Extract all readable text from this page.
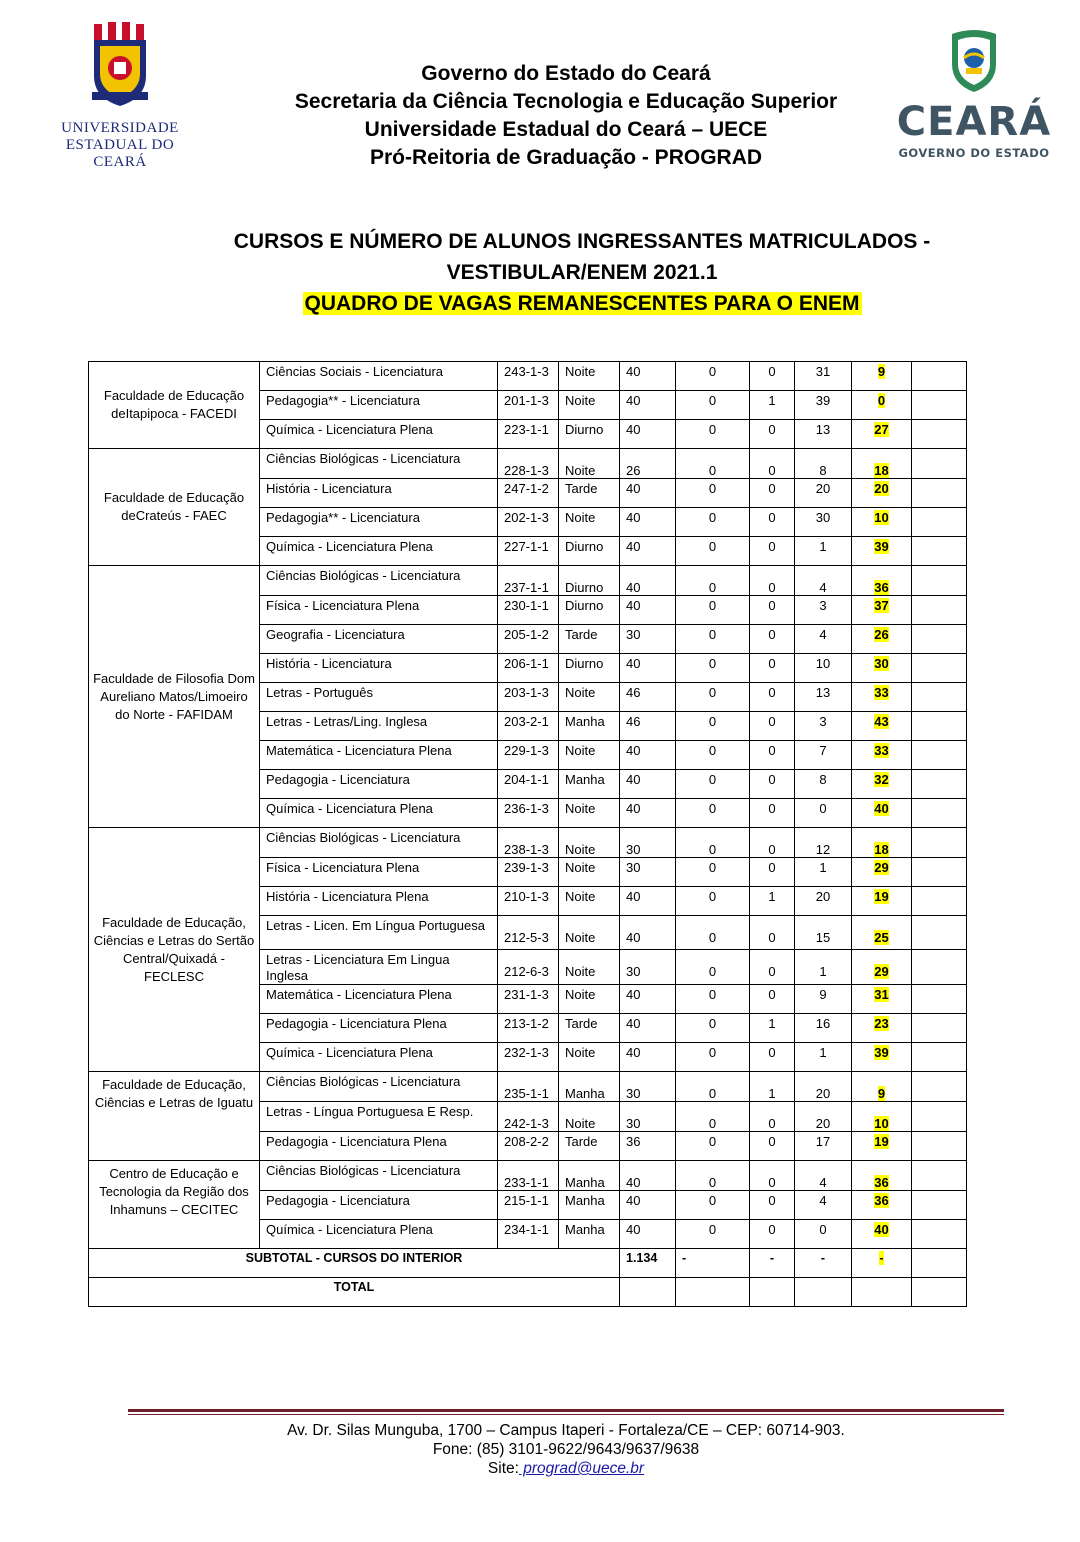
UNIVERSIDADE
ESTADUAL DO CEARÁ
CEARÁ
GOVERNO DO ESTADO
Governo do Estado do Ceará
Secretaria da Ciência Tecnologia e Educação Superior
Universidade Estadual do Ceará – UECE
Pró-Reitoria de Graduação - PROGRAD
CURSOS E NÚMERO DE ALUNOS INGRESSANTES MATRICULADOS -
VESTIBULAR/ENEM 2021.1
QUADRO DE VAGAS REMANESCENTES PARA O ENEM
Faculdade de Educação deItapipoca - FACEDI	Ciências Sociais - Licenciatura	243-1-3	Noite	40	0	0	31	9	
	Pedagogia** - Licenciatura	201-1-3	Noite	40	0	1	39	0	
	Química - Licenciatura Plena	223-1-1	Diurno	40	0	0	13	27	
Faculdade de Educação deCrateús - FAEC	Ciências Biológicas - Licenciatura	228-1-3	Noite	26	0	0	8	18	
	História - Licenciatura	247-1-2	Tarde	40	0	0	20	20	
	Pedagogia** - Licenciatura	202-1-3	Noite	40	0	0	30	10	
	Química - Licenciatura Plena	227-1-1	Diurno	40	0	0	1	39	
Faculdade de Filosofia Dom Aureliano Matos/Limoeiro do Norte - FAFIDAM	Ciências Biológicas - Licenciatura	237-1-1	Diurno	40	0	0	4	36	
	Física - Licenciatura Plena	230-1-1	Diurno	40	0	0	3	37	
	Geografia - Licenciatura	205-1-2	Tarde	30	0	0	4	26	
	História - Licenciatura	206-1-1	Diurno	40	0	0	10	30	
	Letras - Português	203-1-3	Noite	46	0	0	13	33	
	Letras - Letras/Ling. Inglesa	203-2-1	Manha	46	0	0	3	43	
	Matemática - Licenciatura Plena	229-1-3	Noite	40	0	0	7	33	
	Pedagogia - Licenciatura	204-1-1	Manha	40	0	0	8	32	
	Química - Licenciatura Plena	236-1-3	Noite	40	0	0	0	40	
Faculdade de Educação, Ciências e Letras do Sertão Central/Quixadá - FECLESC	Ciências Biológicas - Licenciatura	238-1-3	Noite	30	0	0	12	18	
	Física - Licenciatura Plena	239-1-3	Noite	30	0	0	1	29	
	História - Licenciatura Plena	210-1-3	Noite	40	0	1	20	19	
	Letras - Licen. Em Língua Portuguesa	212-5-3	Noite	40	0	0	15	25	
	Letras - Licenciatura Em Lingua Inglesa	212-6-3	Noite	30	0	0	1	29	
	Matemática - Licenciatura Plena	231-1-3	Noite	40	0	0	9	31	
	Pedagogia - Licenciatura Plena	213-1-2	Tarde	40	0	1	16	23	
	Química - Licenciatura Plena	232-1-3	Noite	40	0	0	1	39	
Faculdade de Educação, Ciências e Letras de Iguatu	Ciências Biológicas - Licenciatura	235-1-1	Manha	30	0	1	20	9	
	Letras - Língua Portuguesa E Resp.	242-1-3	Noite	30	0	0	20	10	
	Pedagogia - Licenciatura Plena	208-2-2	Tarde	36	0	0	17	19	
Centro de Educação e Tecnologia da Região dos Inhamuns – CECITEC	Ciências Biológicas - Licenciatura	233-1-1	Manha	40	0	0	4	36	
	Pedagogia - Licenciatura	215-1-1	Manha	40	0	0	4	36	
	Química - Licenciatura Plena	234-1-1	Manha	40	0	0	0	40	
SUBTOTAL - CURSOS DO INTERIOR				1.134	-	-	-	-	
TOTAL									
Av. Dr. Silas Munguba, 1700 – Campus Itaperi - Fortaleza/CE – CEP: 60714-903.
Fone: (85) 3101-9622/9643/9637/9638
Site: prograd@uece.br
